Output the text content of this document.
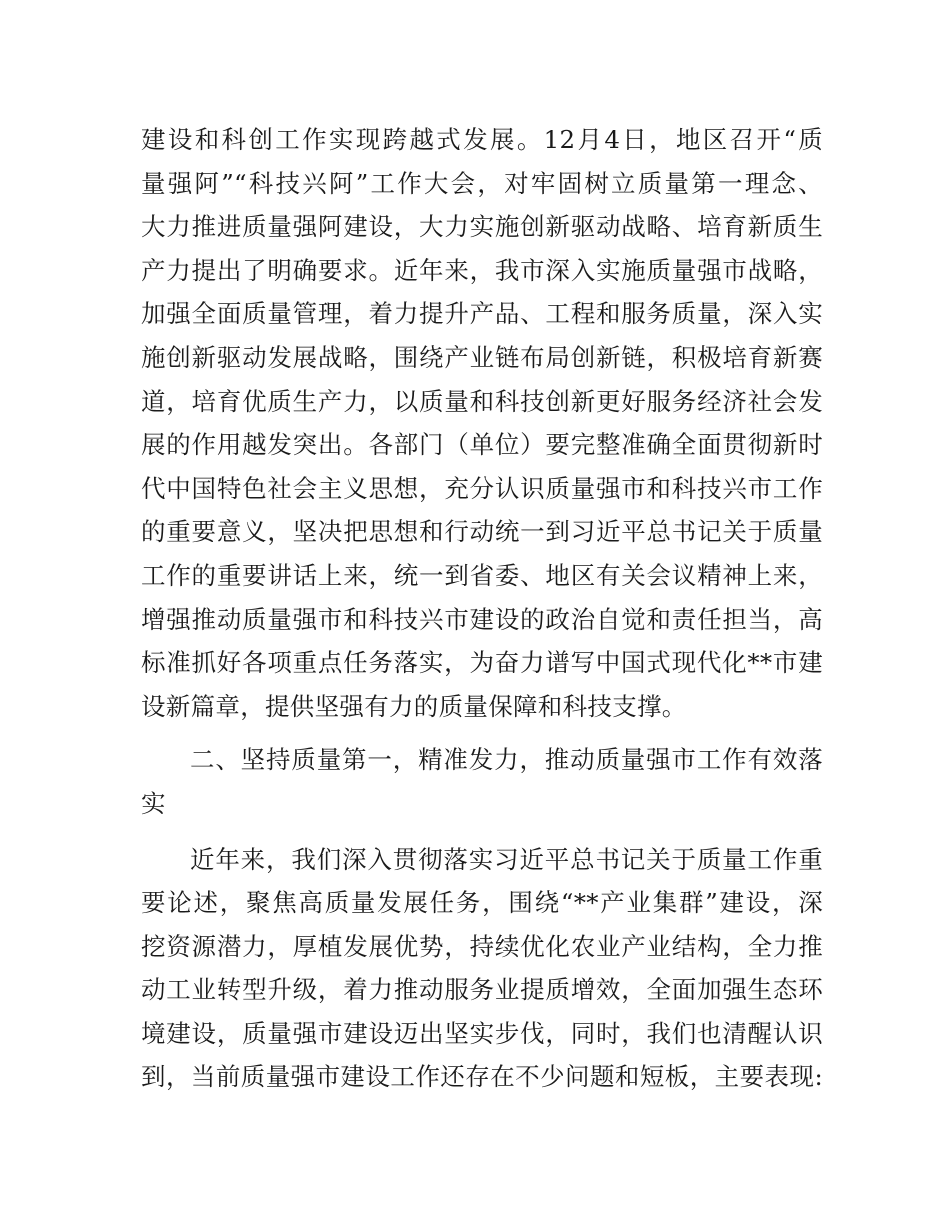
建设和科创工作实现跨越式发展。12月4日，地区召开“质
量强阿”“科技兴阿”工作大会，对牢固树立质量第一理念、
大力推进质量强阿建设，大力实施创新驱动战略、培育新质生
产力提出了明确要求。近年来，我市深入实施质量强市战略，
加强全面质量管理，着力提升产品、工程和服务质量，深入实
施创新驱动发展战略，围绕产业链布局创新链，积极培育新赛
道，培育优质生产力，以质量和科技创新更好服务经济社会发
展的作用越发突出。各部门（单位）要完整准确全面贯彻新时
代中国特色社会主义思想，充分认识质量强市和科技兴市工作
的重要意义，坚决把思想和行动统一到习近平总书记关于质量
工作的重要讲话上来，统一到省委、地区有关会议精神上来，
增强推动质量强市和科技兴市建设的政治自觉和责任担当，高
标准抓好各项重点任务落实，为奋力谱写中国式现代化**市建
设新篇章，提供坚强有力的质量保障和科技支撑。
二、坚持质量第一，精准发力，推动质量强市工作有效落
实
近年来，我们深入贯彻落实习近平总书记关于质量工作重
要论述，聚焦高质量发展任务，围绕“**产业集群”建设，深
挖资源潜力，厚植发展优势，持续优化农业产业结构，全力推
动工业转型升级，着力推动服务业提质增效，全面加强生态环
境建设，质量强市建设迈出坚实步伐，同时，我们也清醒认识
到，当前质量强市建设工作还存在不少问题和短板，主要表现:
